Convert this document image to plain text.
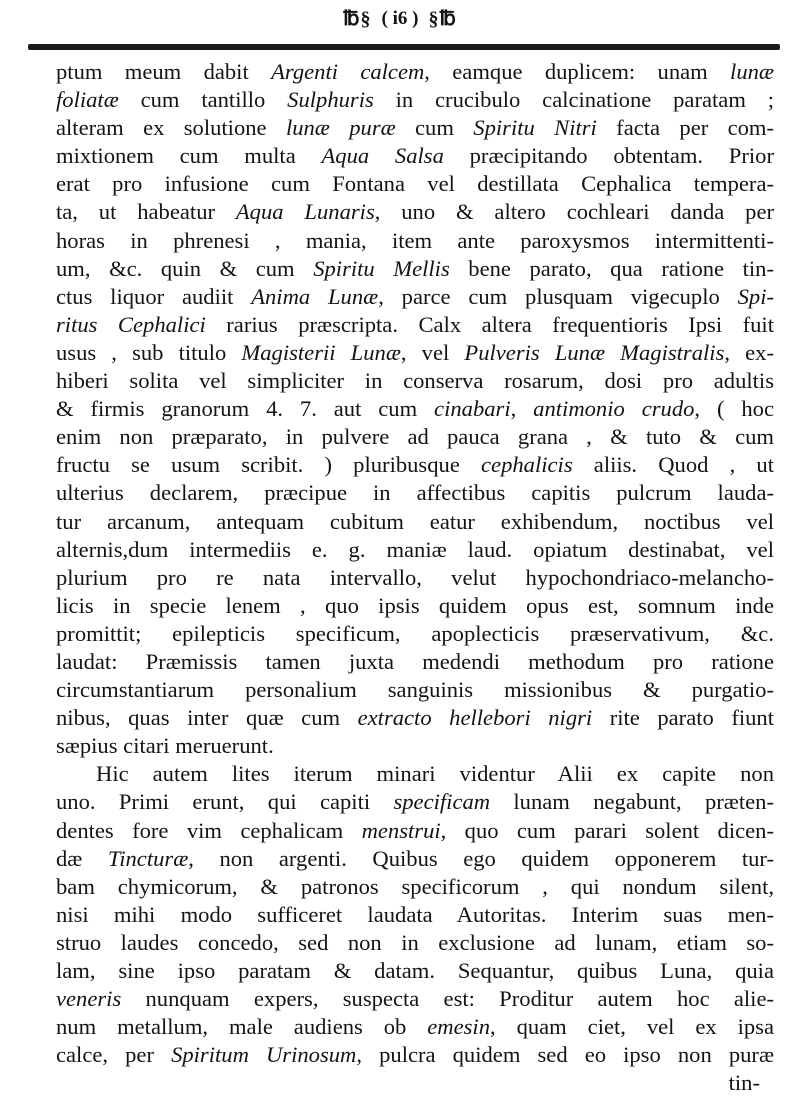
℔§ ( i6 ) §℔
ptum meum dabit Argenti calcem, eamque duplicem: unam lunæ
foliatæ cum tantillo Sulphuris in crucibulo calcinatione paratam ;
alteram ex solutione lunæ puræ cum Spiritu Nitri facta per com-
mixtionem cum multa Aqua Salsa præcipitando obtentam. Prior
erat pro infusione cum Fontana vel destillata Cephalica tempera-
ta, ut habeatur Aqua Lunaris, uno & altero cochleari danda per
horas in phrenesi , mania, item ante paroxysmos intermittenti-
um, &c. quin & cum Spiritu Mellis bene parato, qua ratione tin-
ctus liquor audiit Anima Lunæ, parce cum plusquam vigecuplo Spi-
ritus Cephalici rarius præscripta. Calx altera frequentioris Ipsi fuit
usus , sub titulo Magisterii Lunæ, vel Pulveris Lunæ Magistralis, ex-
hiberi solita vel simpliciter in conserva rosarum, dosi pro adultis
& firmis granorum 4. 7. aut cum cinabari, antimonio crudo, ( hoc
enim non præparato, in pulvere ad pauca grana , & tuto & cum
fructu se usum scribit. ) pluribusque cephalicis aliis. Quod , ut
ulterius declarem, præcipue in affectibus capitis pulcrum lauda-
tur arcanum, antequam cubitum eatur exhibendum, noctibus vel
alternis,dum intermediis e. g. maniæ laud. opiatum destinabat, vel
plurium pro re nata intervallo, velut hypochondriaco-melancho-
licis in specie lenem , quo ipsis quidem opus est, somnum inde
promittit; epilepticis specificum, apoplecticis præservativum, &c.
laudat: Præmissis tamen juxta medendi methodum pro ratione
circumstantiarum personalium sanguinis missionibus & purgatio-
nibus, quas inter quæ cum extracto hellebori nigri rite parato fiunt
sæpius citari meruerunt.
Hic autem lites iterum minari videntur Alii ex capite non
uno. Primi erunt, qui capiti specificam lunam negabunt, præten-
dentes fore vim cephalicam menstrui, quo cum parari solent dicen-
dæ Tincturæ, non argenti. Quibus ego quidem opponerem tur-
bam chymicorum, & patronos specificorum , qui nondum silent,
nisi mihi modo sufficeret laudata Autoritas. Interim suas men-
struo laudes concedo, sed non in exclusione ad lunam, etiam so-
lam, sine ipso paratam & datam. Sequantur, quibus Luna, quia
veneris nunquam expers, suspecta est: Proditur autem hoc alie-
num metallum, male audiens ob emesin, quam ciet, vel ex ipsa
calce, per Spiritum Urinosum, pulcra quidem sed eo ipso non puræ
tin-
